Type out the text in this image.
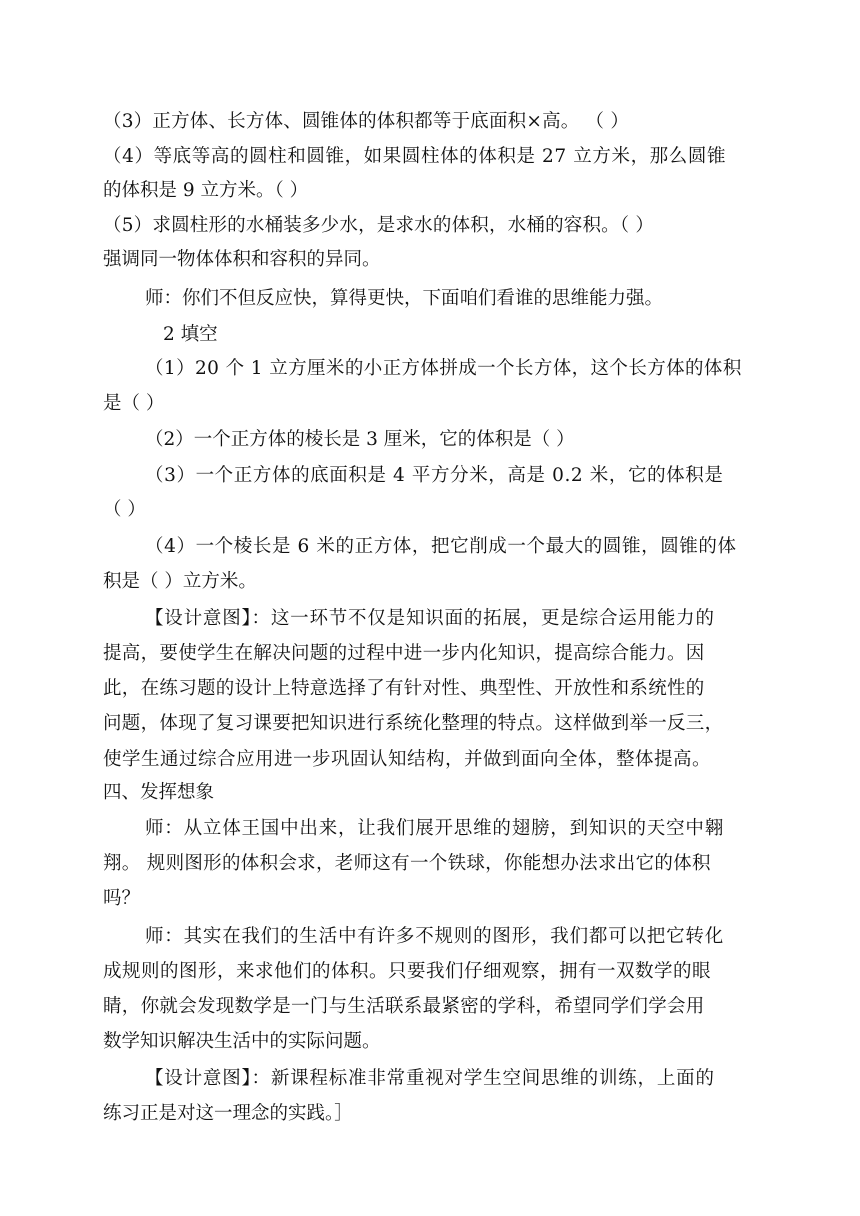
（3）正方体、长方体、圆锥体的体积都等于底面积×高。 （ ）
（4）等底等高的圆柱和圆锥，如果圆柱体的体积是 27 立方米，那么圆锥
的体积是 9 立方米。（ ）
（5）求圆柱形的水桶装多少水，是求水的体积，水桶的容积。（ ）
强调同一物体体积和容积的异同。
师：你们不但反应快，算得更快，下面咱们看谁的思维能力强。
2 填空
（1）20 个 1 立方厘米的小正方体拼成一个长方体，这个长方体的体积
是（ ）
（2）一个正方体的棱长是 3 厘米，它的体积是（ ）
（3）一个正方体的底面积是 4 平方分米，高是 0.2 米，它的体积是
（ ）
（4）一个棱长是 6 米的正方体，把它削成一个最大的圆锥，圆锥的体
积是（ ）立方米。
【设计意图】：这一环节不仅是知识面的拓展，更是综合运用能力的
提高，要使学生在解决问题的过程中进一步内化知识，提高综合能力。因
此，在练习题的设计上特意选择了有针对性、典型性、开放性和系统性的
问题，体现了复习课要把知识进行系统化整理的特点。这样做到举一反三，
使学生通过综合应用进一步巩固认知结构，并做到面向全体，整体提高。
四、发挥想象
师：从立体王国中出来，让我们展开思维的翅膀，到知识的天空中翱
翔。 规则图形的体积会求，老师这有一个铁球，你能想办法求出它的体积
吗？
师：其实在我们的生活中有许多不规则的图形，我们都可以把它转化
成规则的图形，来求他们的体积。只要我们仔细观察，拥有一双数学的眼
睛，你就会发现数学是一门与生活联系最紧密的学科，希望同学们学会用
数学知识解决生活中的实际问题。
【设计意图】：新课程标准非常重视对学生空间思维的训练，上面的
练习正是对这一理念的实践。］
